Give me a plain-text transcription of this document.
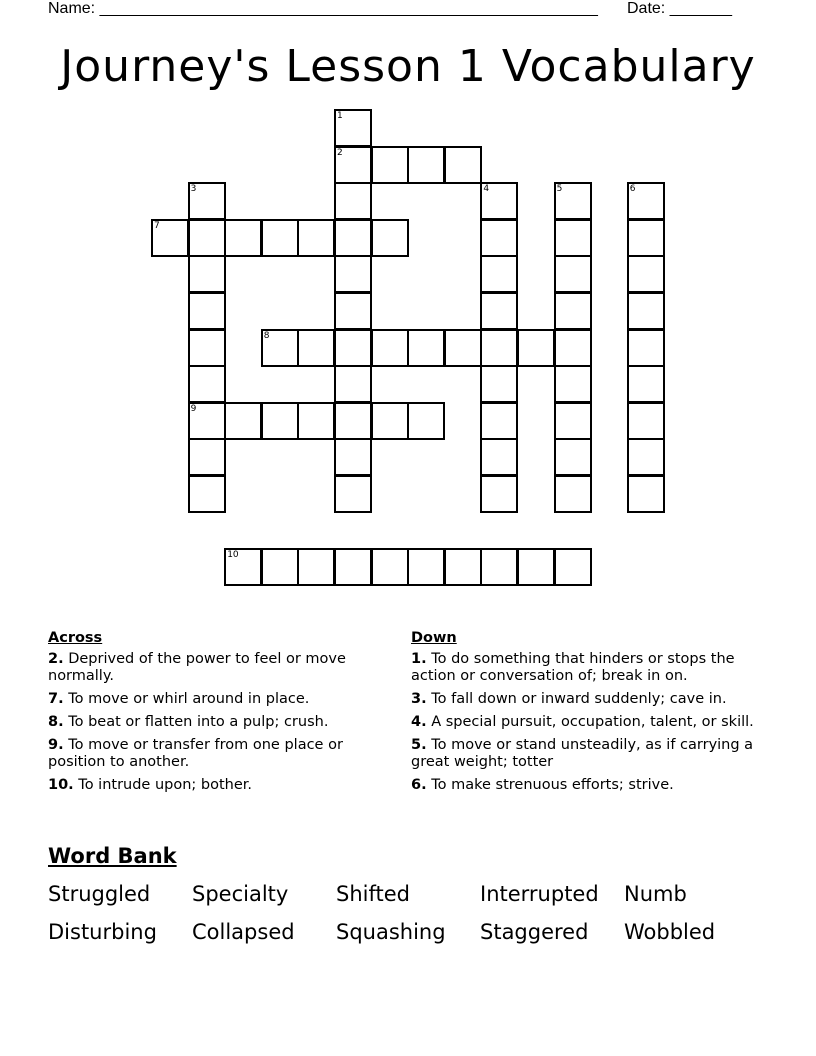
Name: ________________________________________________________ Date: _______
Journey's Lesson 1 Vocabulary
1
2
3
9
4	5	6
7
8
10
Across
2. Deprived of the power to feel or move normally.
7. To move or whirl around in place.
8. To beat or flatten into a pulp; crush.
9. To move or transfer from one place or position to another.
10. To intrude upon; bother.
Down
1. To do something that hinders or stops the action or conversation of; break in on.
3. To fall down or inward suddenly; cave in.
4. A special pursuit, occupation, talent, or skill.
5. To move or stand unsteadily, as if carrying a great weight; totter
6. To make strenuous efforts; strive.
Word Bank
Struggled Specialty Shifted	Interrupted Numb
Disturbing Collapsed Squashing Staggered Wobbled
